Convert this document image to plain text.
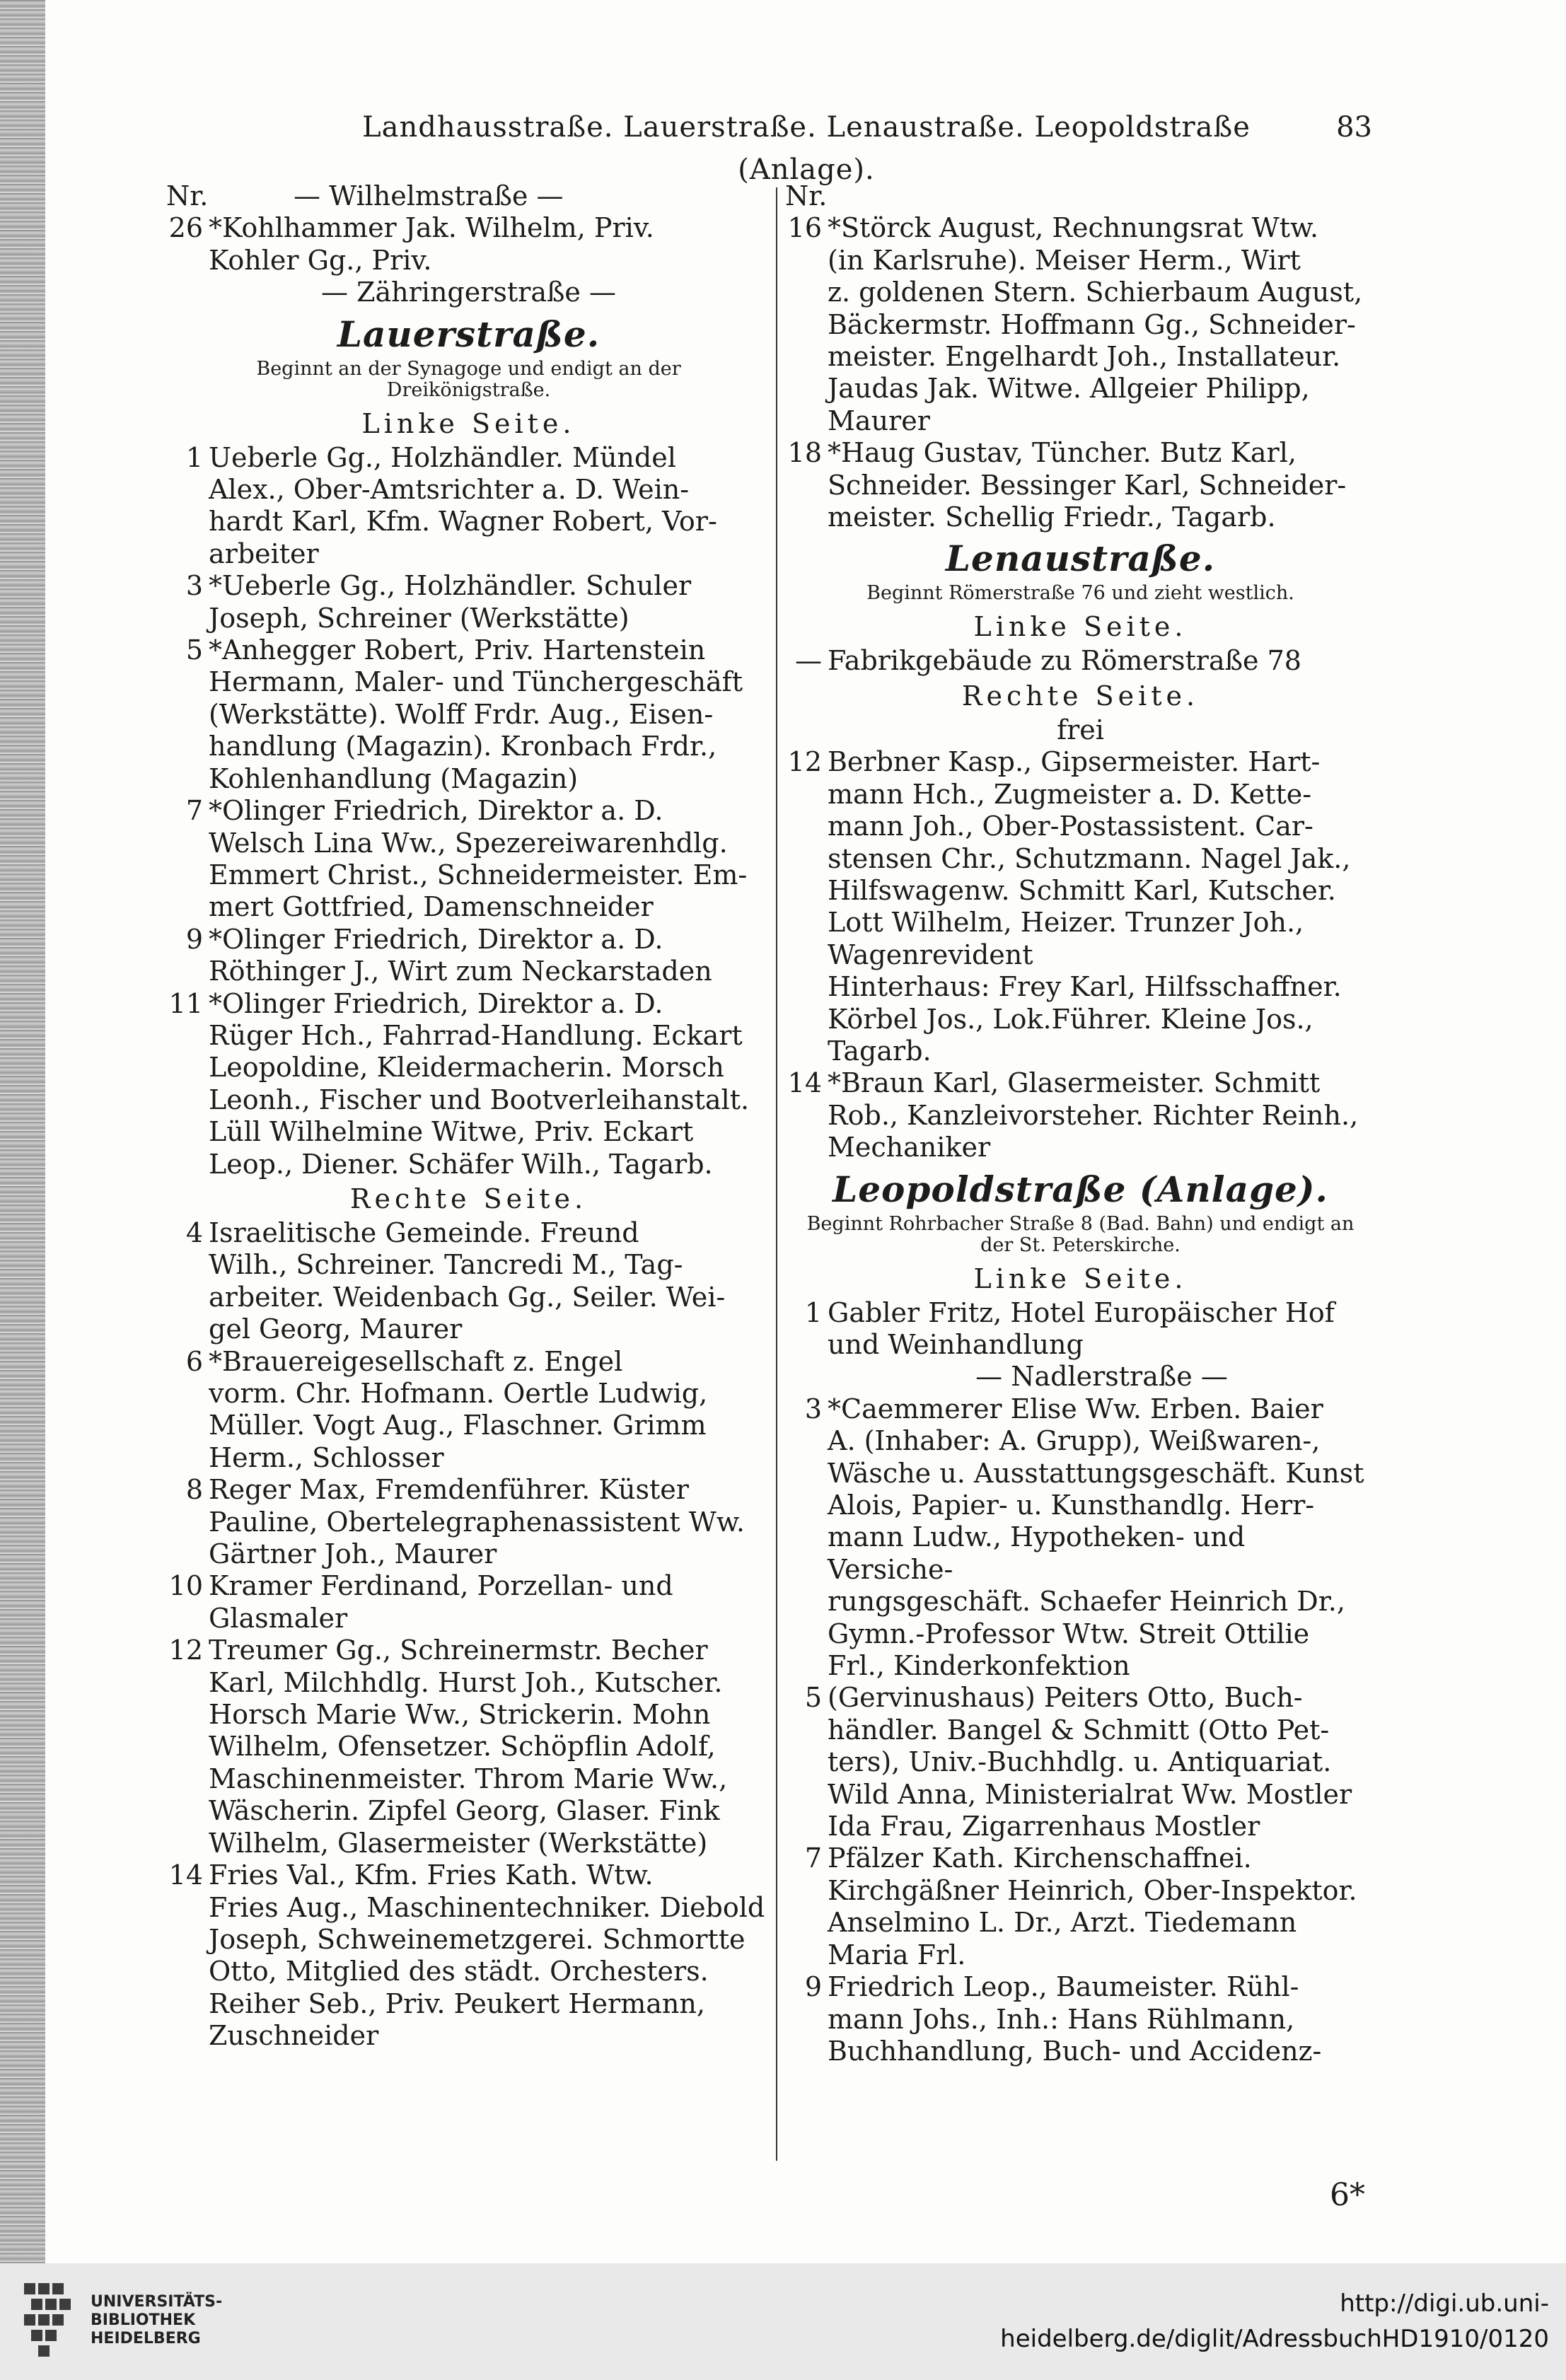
Landhausstraße. Lauerstraße. Lenaustraße. Leopoldstraße (Anlage).
83
Nr.	— Wilhelmstraße —
26 *Kohlhammer Jak. Wilhelm, Priv.
Kohler Gg., Priv.
— Zähringerstraße —
Lauerstraße.
Beginnt an der Synagoge und endigt an der Dreikönigstraße.
Linke Seite.
1 Ueberle Gg., Holzhändler. Mündel
Alex., Ober-Amtsrichter a. D. Wein-
hardt Karl, Kfm. Wagner Robert, Vor-
arbeiter
3 *Ueberle Gg., Holzhändler. Schuler
Joseph, Schreiner (Werkstätte)
5 *Anhegger Robert, Priv. Hartenstein
Hermann, Maler- und Tünchergeschäft
(Werkstätte). Wolff Frdr. Aug., Eisen-
handlung (Magazin). Kronbach Frdr.,
Kohlenhandlung (Magazin)
7 *Olinger Friedrich, Direktor a. D.
Welsch Lina Ww., Spezereiwarenhdlg.
Emmert Christ., Schneidermeister. Em-
mert Gottfried, Damenschneider
9 *Olinger Friedrich, Direktor a. D.
Röthinger J., Wirt zum Neckarstaden
11 *Olinger Friedrich, Direktor a. D.
Rüger Hch., Fahrrad-Handlung. Eckart
Leopoldine, Kleidermacherin. Morsch
Leonh., Fischer und Bootverleihanstalt.
Lüll Wilhelmine Witwe, Priv. Eckart
Leop., Diener. Schäfer Wilh., Tagarb.
Rechte Seite.
4 Israelitische Gemeinde. Freund
Wilh., Schreiner. Tancredi M., Tag-
arbeiter. Weidenbach Gg., Seiler. Wei-
gel Georg, Maurer
6 *Brauereigesellschaft z. Engel
vorm. Chr. Hofmann. Oertle Ludwig,
Müller. Vogt Aug., Flaschner. Grimm
Herm., Schlosser
8 Reger Max, Fremdenführer. Küster
Pauline, Obertelegraphenassistent Ww.
Gärtner Joh., Maurer
10 Kramer Ferdinand, Porzellan- und
Glasmaler
12 Treumer Gg., Schreinermstr. Becher
Karl, Milchhdlg. Hurst Joh., Kutscher.
Horsch Marie Ww., Strickerin. Mohn
Wilhelm, Ofensetzer. Schöpflin Adolf,
Maschinenmeister. Throm Marie Ww.,
Wäscherin. Zipfel Georg, Glaser. Fink
Wilhelm, Glasermeister (Werkstätte)
14 Fries Val., Kfm. Fries Kath. Wtw.
Fries Aug., Maschinentechniker. Diebold
Joseph, Schweinemetzgerei. Schmortte
Otto, Mitglied des städt. Orchesters.
Reiher Seb., Priv. Peukert Hermann,
Zuschneider
Nr.
16 *Störck August, Rechnungsrat Wtw.
(in Karlsruhe). Meiser Herm., Wirt
z. goldenen Stern. Schierbaum August,
Bäckermstr. Hoffmann Gg., Schneider-
meister. Engelhardt Joh., Installateur.
Jaudas Jak. Witwe. Allgeier Philipp,
Maurer
18 *Haug Gustav, Tüncher. Butz Karl,
Schneider. Bessinger Karl, Schneider-
meister. Schellig Friedr., Tagarb.
Lenaustraße.
Beginnt Römerstraße 76 und zieht westlich.
Linke Seite.
— Fabrikgebäude zu Römerstraße 78
Rechte Seite.
frei
12 Berbner Kasp., Gipsermeister. Hart-
mann Hch., Zugmeister a. D. Kette-
mann Joh., Ober-Postassistent. Car-
stensen Chr., Schutzmann. Nagel Jak.,
Hilfswagenw. Schmitt Karl, Kutscher.
Lott Wilhelm, Heizer. Trunzer Joh.,
Wagenrevident
Hinterhaus: Frey Karl, Hilfsschaffner.
Körbel Jos., Lok.Führer. Kleine Jos.,
Tagarb.
14 *Braun Karl, Glasermeister. Schmitt
Rob., Kanzleivorsteher. Richter Reinh.,
Mechaniker
Leopoldstraße (Anlage).
Beginnt Rohrbacher Straße 8 (Bad. Bahn) und endigt an der St. Peterskirche.
Linke Seite.
1 Gabler Fritz, Hotel Europäischer Hof
und Weinhandlung
— Nadlerstraße —
3 *Caemmerer Elise Ww. Erben. Baier
A. (Inhaber: A. Grupp), Weißwaren-,
Wäsche u. Ausstattungsgeschäft. Kunst
Alois, Papier- u. Kunsthandlg. Herr-
mann Ludw., Hypotheken- und Versiche-
rungsgeschäft. Schaefer Heinrich Dr.,
Gymn.-Professor Wtw. Streit Ottilie
Frl., Kinderkonfektion
5 (Gervinushaus) Peiters Otto, Buch-
händler. Bangel & Schmitt (Otto Pet-
ters), Univ.-Buchhdlg. u. Antiquariat.
Wild Anna, Ministerialrat Ww. Mostler
Ida Frau, Zigarrenhaus Mostler
7 Pfälzer Kath. Kirchenschaffnei.
Kirchgäßner Heinrich, Ober-Inspektor.
Anselmino L. Dr., Arzt. Tiedemann
Maria Frl.
9 Friedrich Leop., Baumeister. Rühl-
mann Johs., Inh.: Hans Rühlmann,
Buchhandlung, Buch- und Accidenz-
6*
UNIVERSITÄTS-
BIBLIOTHEK
HEIDELBERG
http://digi.ub.uni-heidelberg.de/diglit/AdressbuchHD1910/0120
